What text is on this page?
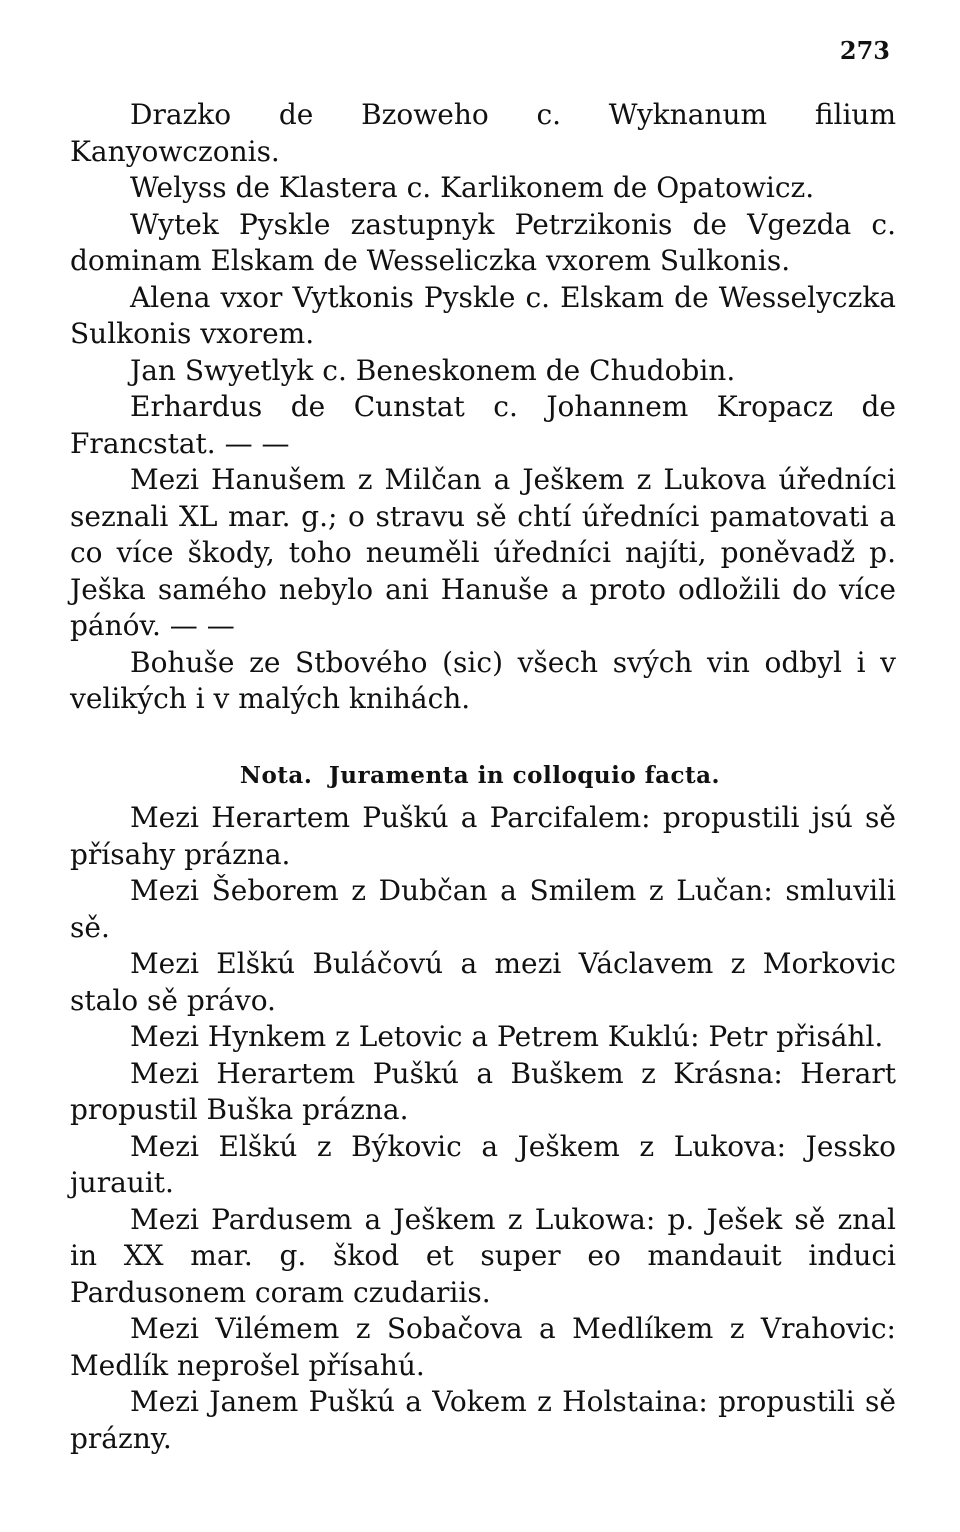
273

Drazko de Bzoweho c. Wyknanum filium Kanyowczonis.

Welyss de Klastera c. Karlikonem de Opatowicz.

Wytek Pyskle zastupnyk Petrzikonis de Vgezda c. dominam Elskam de Wesseliczka vxorem Sulkonis.

Alena vxor Vytkonis Pyskle c. Elskam de Wesselyczka Sulkonis vxorem.

Jan Swyetlyk c. Beneskonem de Chudobin.

Erhardus de Cunstat c. Johannem Kropacz de Francstat. — —

Mezi Hanušem z Milčan a Ješkem z Lukova úředníci seznali XL mar. g.; o stravu sě chtí úředníci pamatovati a co více škody, toho neuměli úředníci najíti, poněvadž p. Ješka samého nebylo ani Hanuše a proto odložili do více pánóv. — —

Bohuše ze Stbového (sic) všech svých vin odbyl i v velikých i v malých knihách.

Nota. Juramenta in colloquio facta.

Mezi Herartem Puškú a Parcifalem: propustili jsú sě přísahy prázna.

Mezi Šeborem z Dubčan a Smilem z Lučan: smluvili sě.

Mezi Elškú Buláčovú a mezi Václavem z Morkovic stalo sě právo.

Mezi Hynkem z Letovic a Petrem Kuklú: Petr přisáhl.

Mezi Herartem Puškú a Buškem z Krásna: Herart propustil Buška prázna.

Mezi Elškú z Býkovic a Ješkem z Lukova: Jessko jurauit.

Mezi Pardusem a Ješkem z Lukowa: p. Ješek sě znal in XX mar. g. škod et super eo mandauit induci Pardusonem coram czudariis.

Mezi Vilémem z Sobačova a Medlíkem z Vrahovic: Medlík neprošel přísahú.

Mezi Janem Puškú a Vokem z Holstaina: propustili sě prázny.
